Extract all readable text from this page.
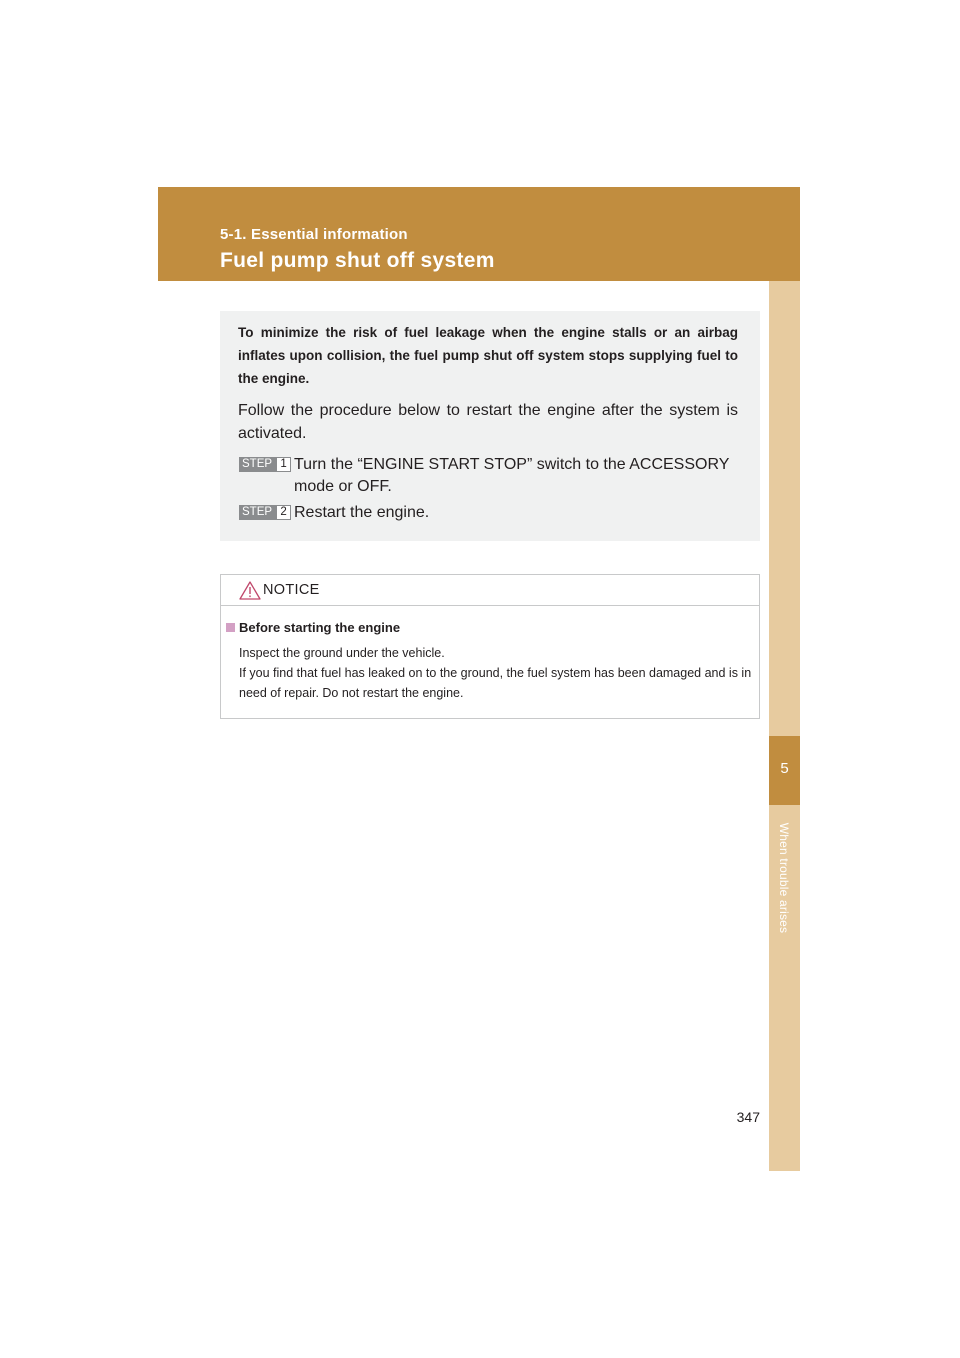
5-1. Essential information
Fuel pump shut off system
5
When trouble arises

To minimize the risk of fuel leakage when the engine stalls or an airbag inflates upon collision, the fuel pump shut off system stops supplying fuel to the engine.

Follow the procedure below to restart the engine after the system is activated.

STEP 1 Turn the “ENGINE START STOP” switch to the ACCESSORY mode or OFF.
STEP 2 Restart the engine.
NOTICE
Before starting the engine

Inspect the ground under the vehicle.
If you find that fuel has leaked on to the ground, the fuel system has been damaged and is in need of repair. Do not restart the engine.

347
